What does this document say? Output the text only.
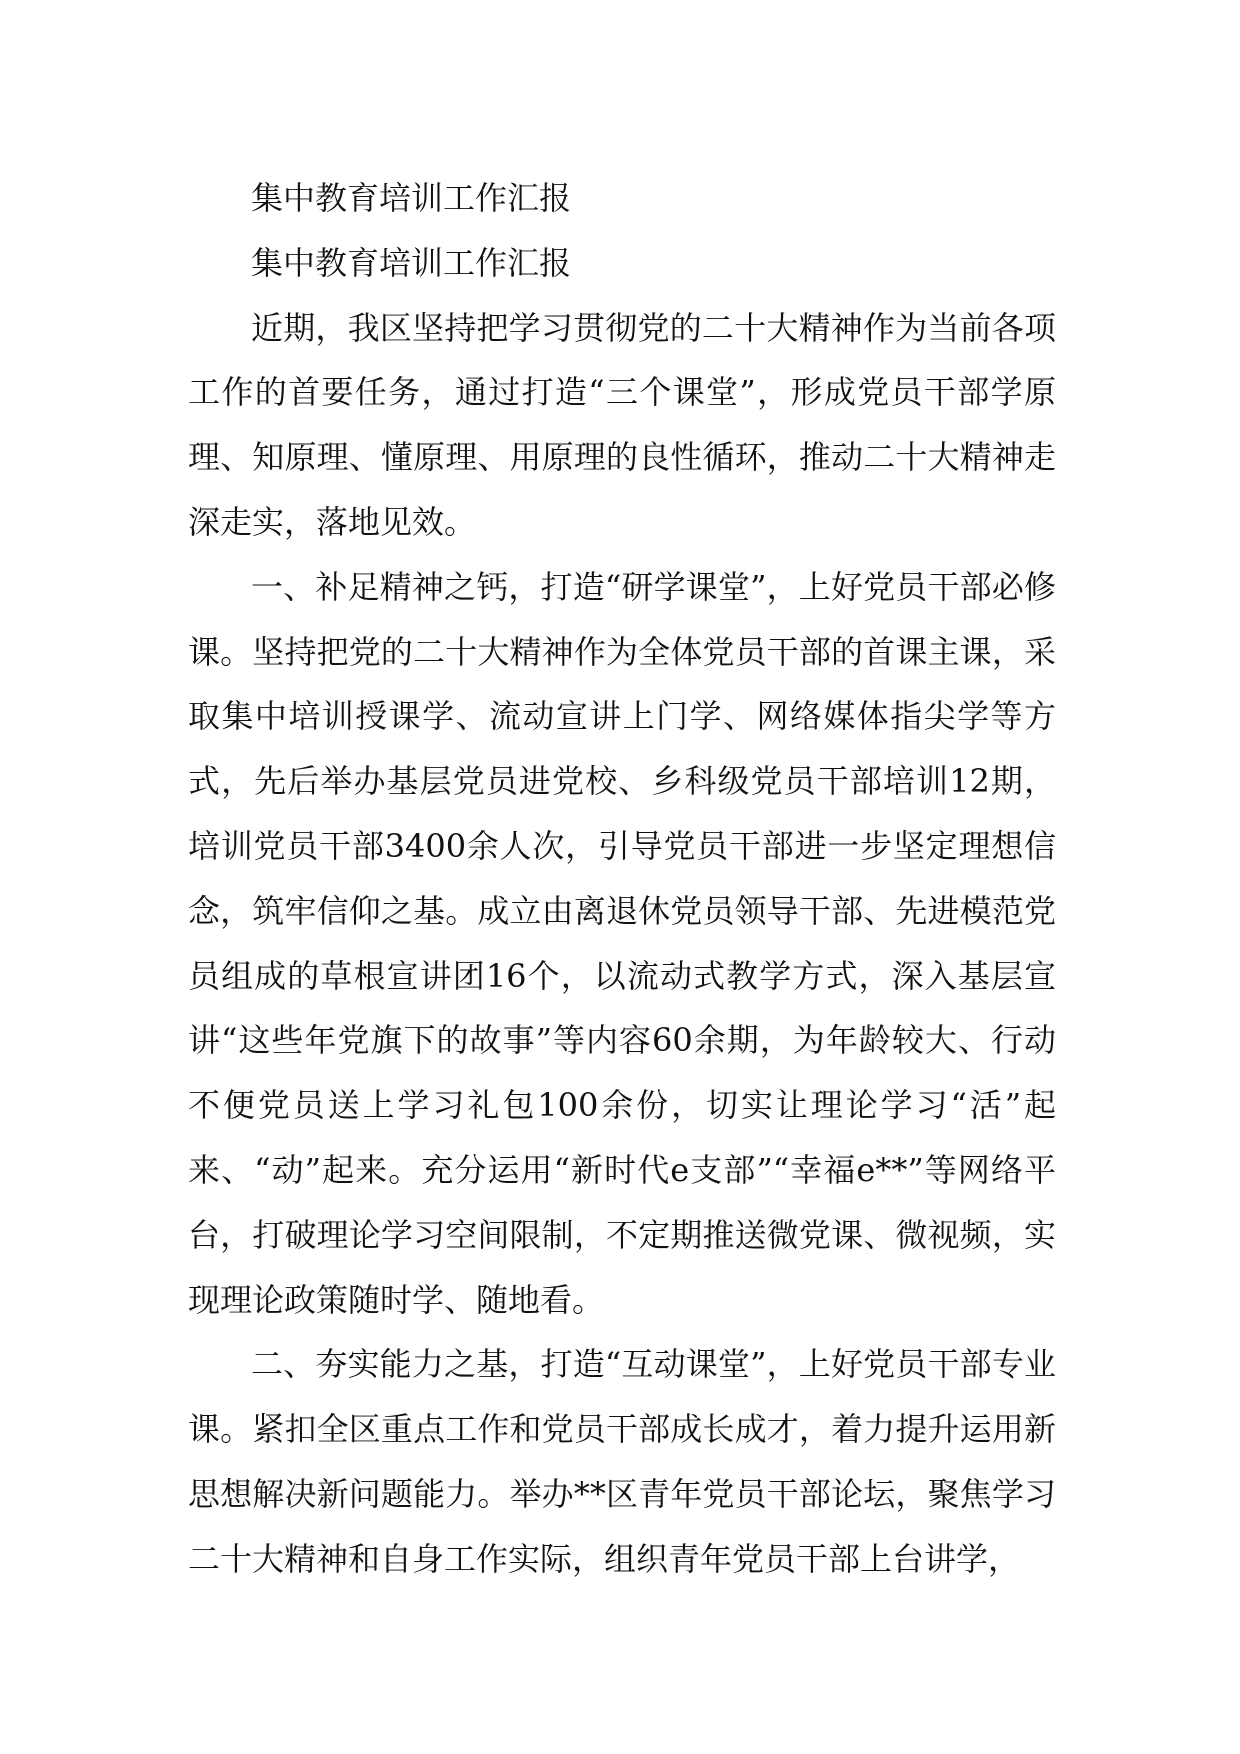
集中教育培训工作汇报
集中教育培训工作汇报

近期，我区坚持把学习贯彻党的二十大精神作为当前各项工作的首要任务，通过打造“三个课堂”，形成党员干部学原理、知原理、懂原理、用原理的良性循环，推动二十大精神走深走实，落地见效。

一、补足精神之钙，打造“研学课堂”，上好党员干部必修课。坚持把党的二十大精神作为全体党员干部的首课主课，采取集中培训授课学、流动宣讲上门学、网络媒体指尖学等方式，先后举办基层党员进党校、乡科级党员干部培训12期，培训党员干部3400余人次，引导党员干部进一步坚定理想信念，筑牢信仰之基。成立由离退休党员领导干部、先进模范党员组成的草根宣讲团16个，以流动式教学方式，深入基层宣讲“这些年党旗下的故事”等内容60余期，为年龄较大、行动不便党员送上学习礼包100余份，切实让理论学习“活”起来、“动”起来。充分运用“新时代e支部”“幸福e**”等网络平台，打破理论学习空间限制，不定期推送微党课、微视频，实现理论政策随时学、随地看。

二、夯实能力之基，打造“互动课堂”，上好党员干部专业课。紧扣全区重点工作和党员干部成长成才，着力提升运用新思想解决新问题能力。举办**区青年党员干部论坛，聚焦学习二十大精神和自身工作实际，组织青年党员干部上台讲学，
